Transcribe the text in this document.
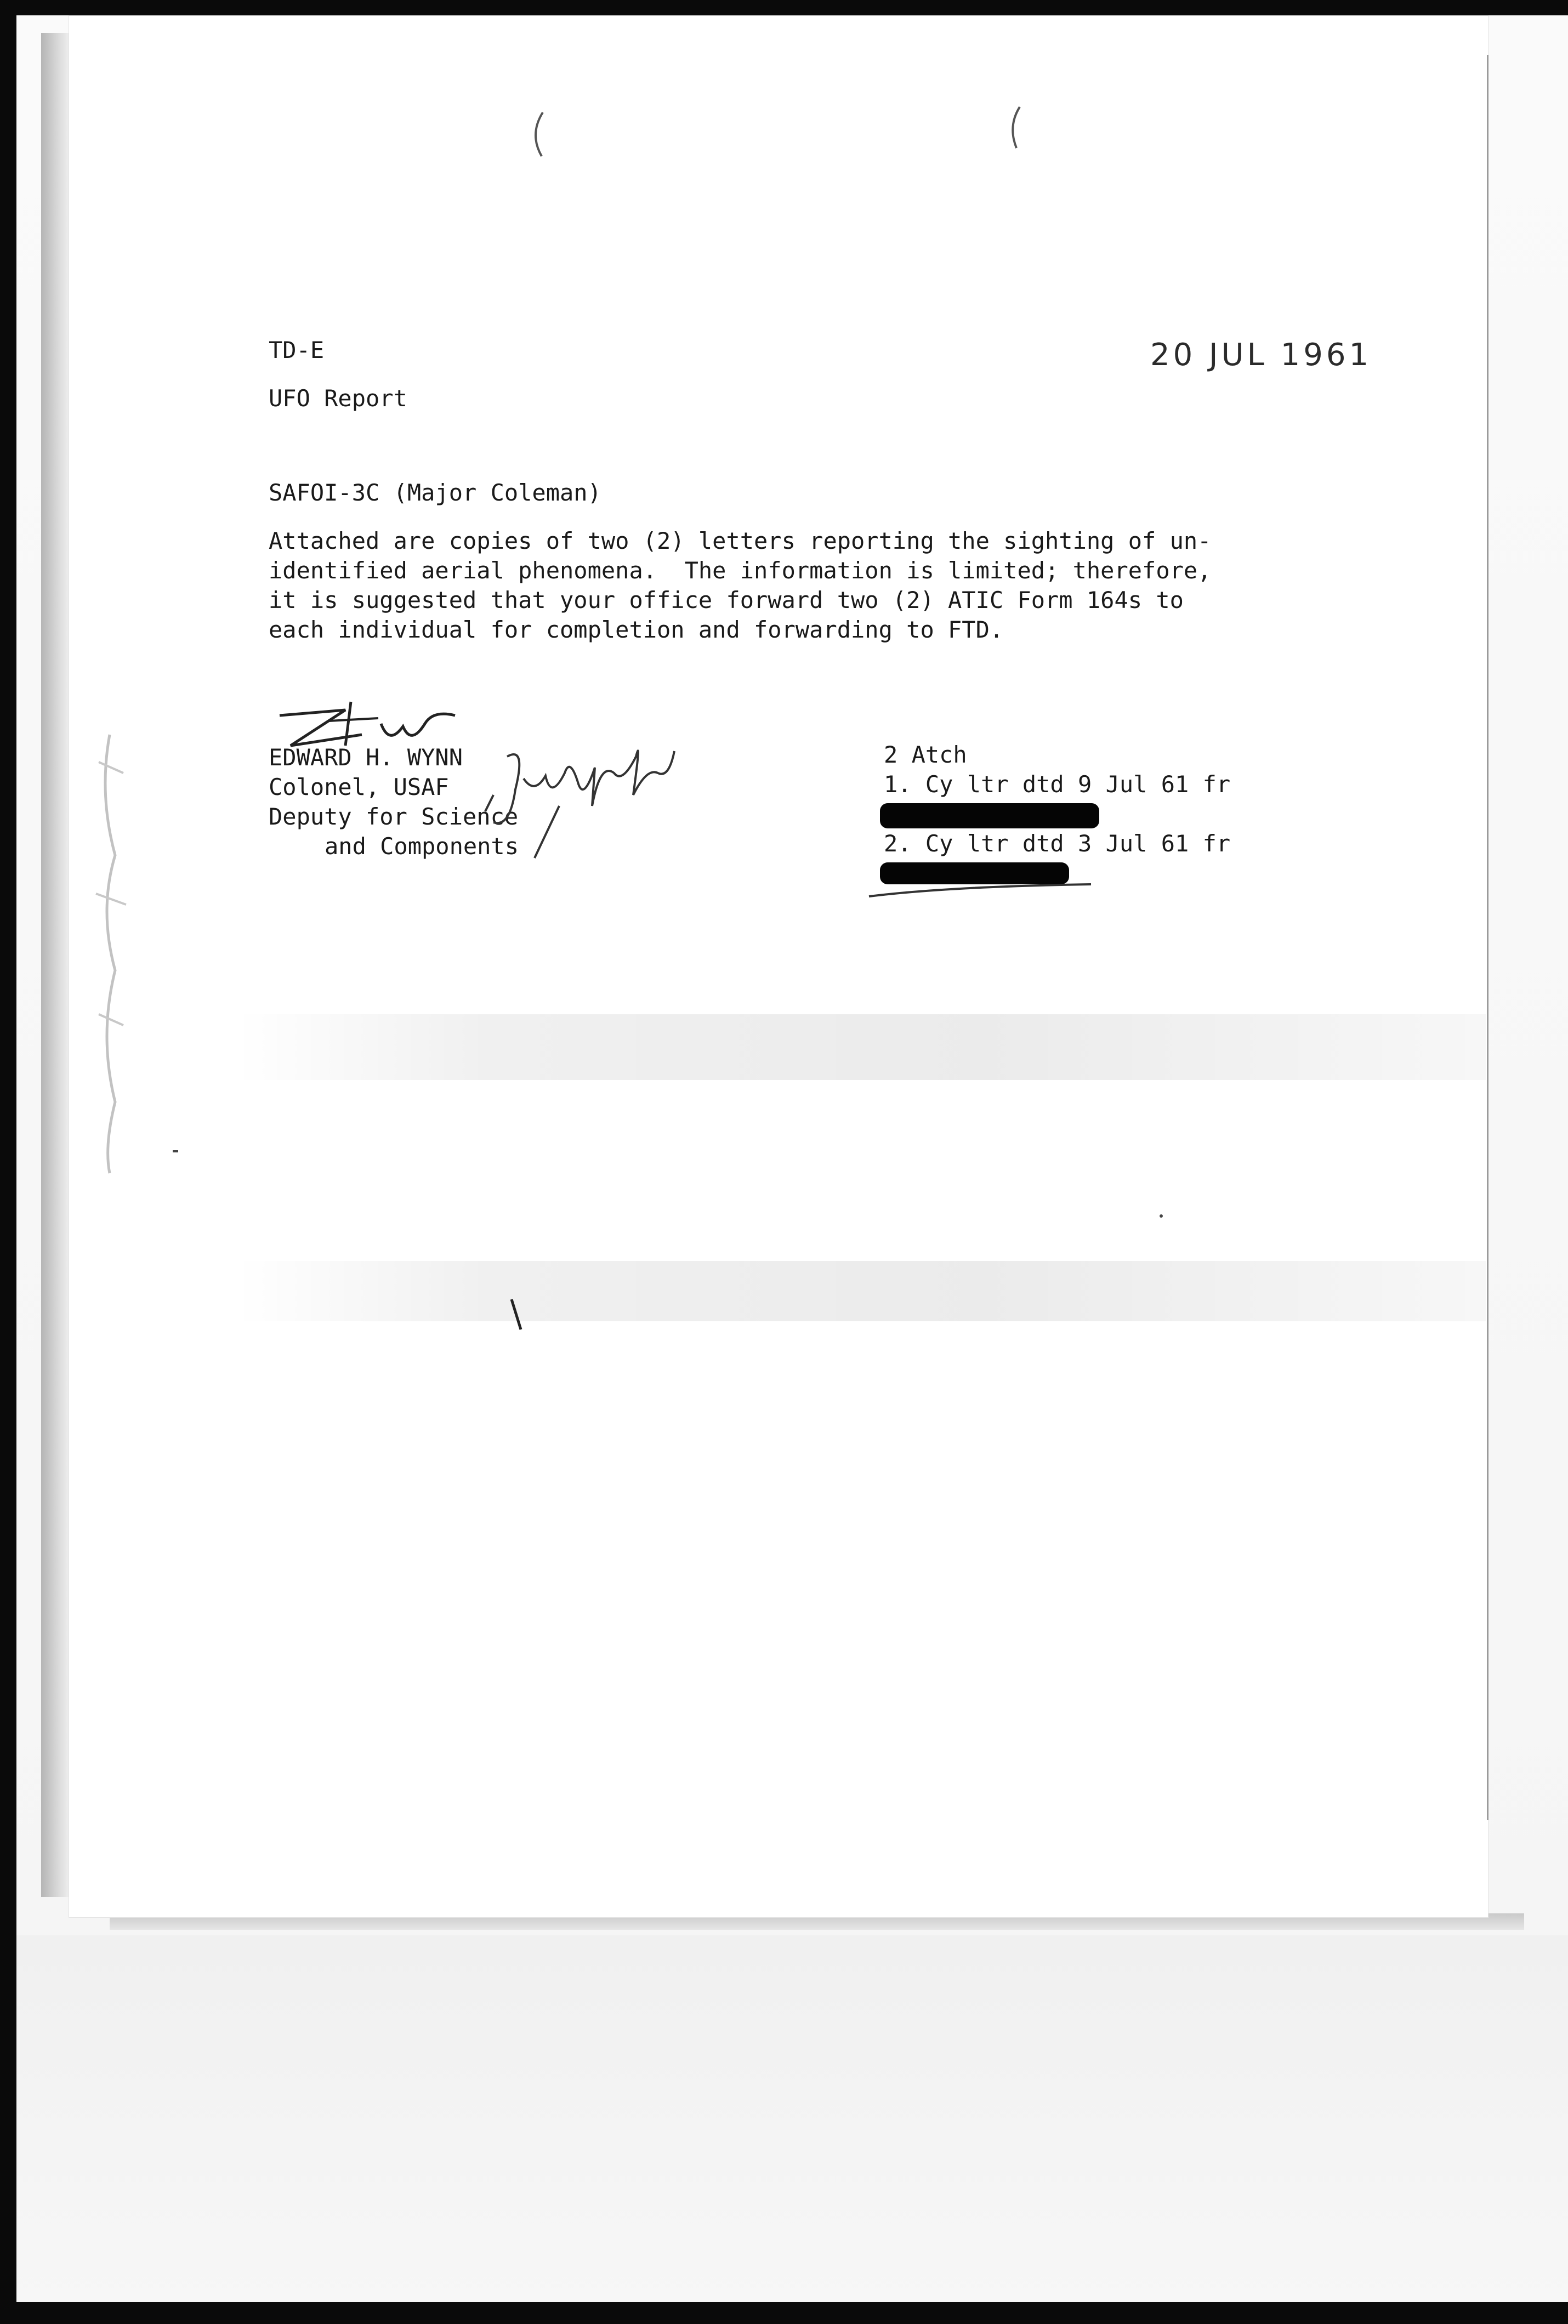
TD-E	20 JUL 1961
UFO Report
SAFOI-3C (Major Coleman)
Attached are copies of two (2) letters reporting the sighting of un-
identified aerial phenomena.  The information is limited; therefore,
it is suggested that your office forward two (2) ATIC Form 164s to
each individual for completion and forwarding to FTD.
EDWARD H. WYNN
Colonel, USAF
Deputy for Science
and Components
2 Atch
1. Cy ltr dtd 9 Jul 61 fr
2. Cy ltr dtd 3 Jul 61 fr
